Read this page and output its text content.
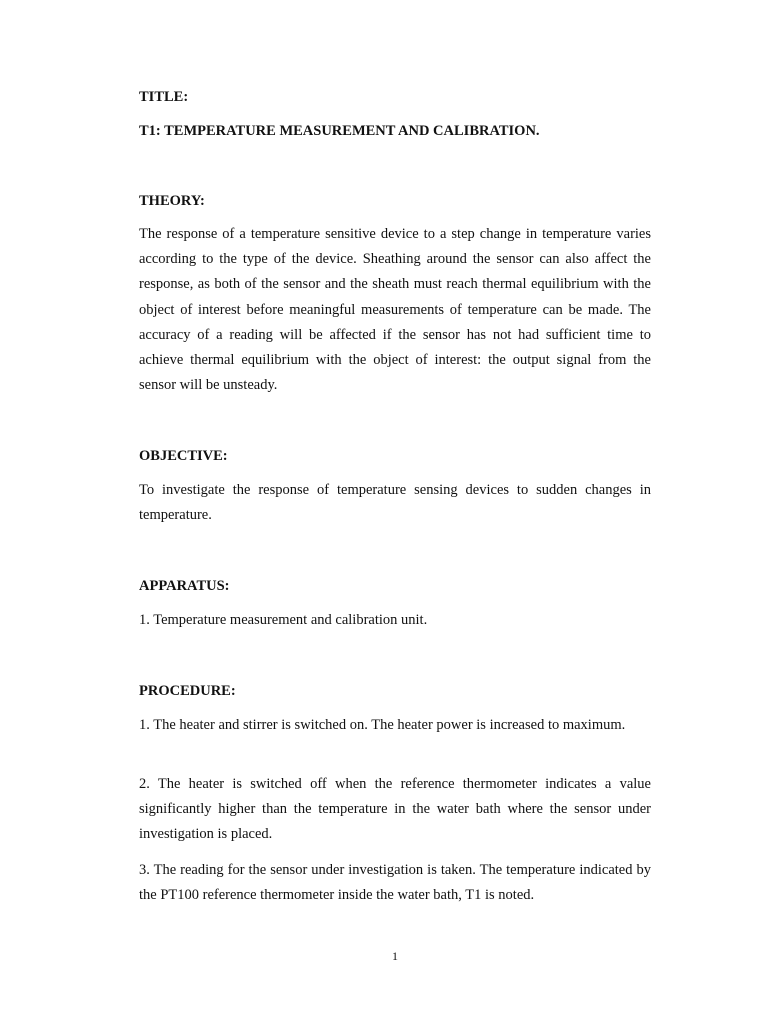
TITLE:
T1: TEMPERATURE MEASUREMENT AND CALIBRATION.
THEORY:

The response of a temperature sensitive device to a step change in temperature varies according to the type of the device. Sheathing around the sensor can also affect the response, as both of the sensor and the sheath must reach thermal equilibrium with the object of interest before meaningful measurements of temperature can be made. The accuracy of a reading will be affected if the sensor has not had sufficient time to achieve thermal equilibrium with the object of interest: the output signal from the sensor will be unsteady.

OBJECTIVE:

To investigate the response of temperature sensing devices to sudden changes in temperature.

APPARATUS:

1. Temperature measurement and calibration unit.

PROCEDURE:

1. The heater and stirrer is switched on. The heater power is increased to maximum.

2. The heater is switched off when the reference thermometer indicates a value significantly higher than the temperature in the water bath where the sensor under investigation is placed.

3. The reading for the sensor under investigation is taken. The temperature indicated by the PT100 reference thermometer inside the water bath, T1 is noted.

1
